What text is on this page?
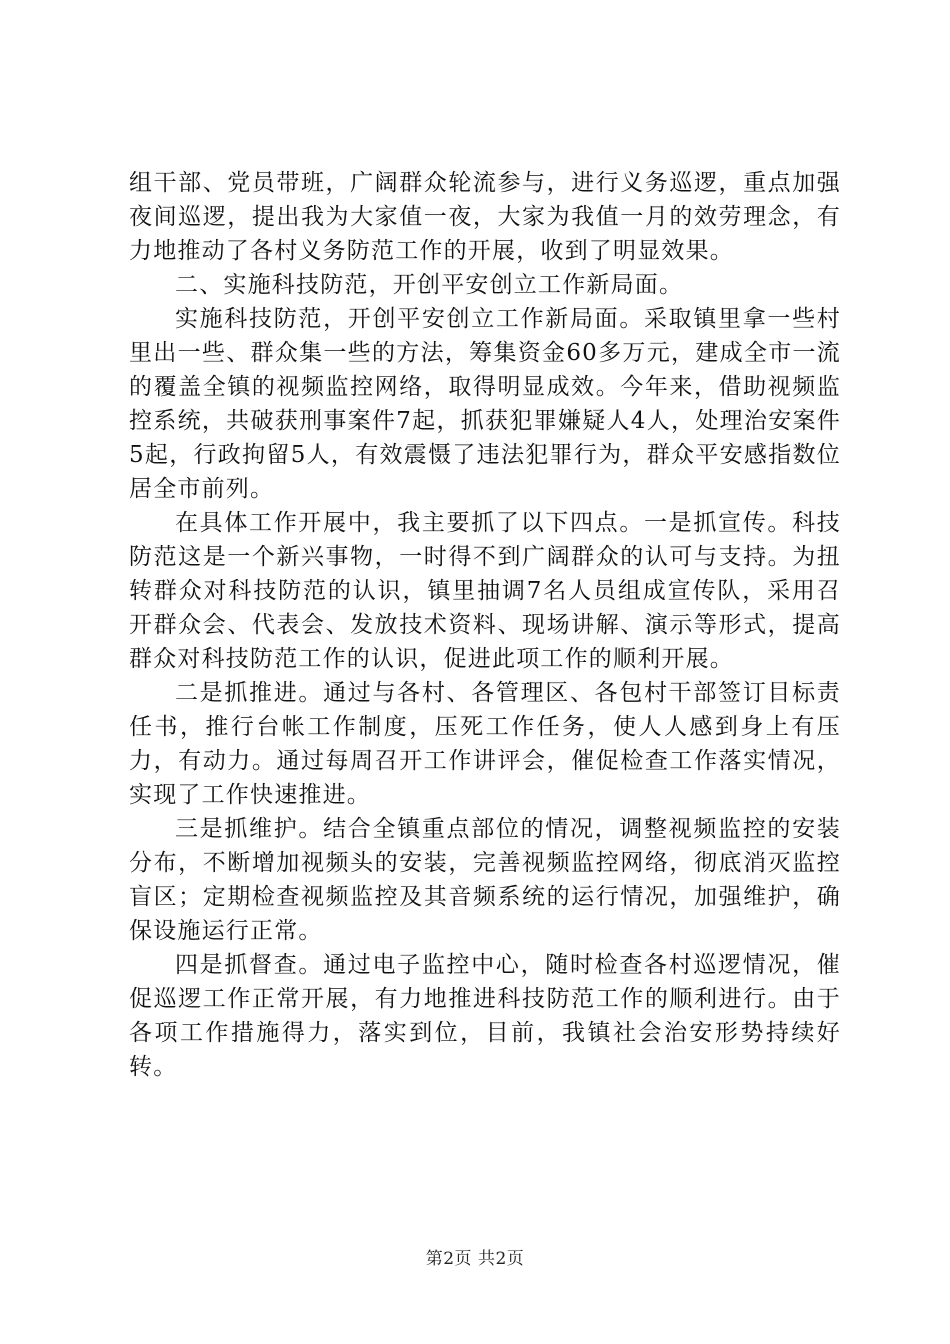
组干部、党员带班，广阔群众轮流参与，进行义务巡逻，重点加强夜间巡逻，提出我为大家值一夜，大家为我值一月的效劳理念，有力地推动了各村义务防范工作的开展，收到了明显效果。

二、实施科技防范，开创平安创立工作新局面。

实施科技防范，开创平安创立工作新局面。采取镇里拿一些村里出一些、群众集一些的方法，筹集资金60多万元，建成全市一流的覆盖全镇的视频监控网络，取得明显成效。今年来，借助视频监控系统，共破获刑事案件7起，抓获犯罪嫌疑人4人，处理治安案件5起，行政拘留5人，有效震慑了违法犯罪行为，群众平安感指数位居全市前列。

在具体工作开展中，我主要抓了以下四点。一是抓宣传。科技防范这是一个新兴事物，一时得不到广阔群众的认可与支持。为扭转群众对科技防范的认识，镇里抽调7名人员组成宣传队，采用召开群众会、代表会、发放技术资料、现场讲解、演示等形式，提高群众对科技防范工作的认识，促进此项工作的顺利开展。

二是抓推进。通过与各村、各管理区、各包村干部签订目标责任书，推行台帐工作制度，压死工作任务，使人人感到身上有压力，有动力。通过每周召开工作讲评会，催促检查工作落实情况，实现了工作快速推进。

三是抓维护。结合全镇重点部位的情况，调整视频监控的安装分布，不断增加视频头的安装，完善视频监控网络，彻底消灭监控盲区；定期检查视频监控及其音频系统的运行情况，加强维护，确保设施运行正常。

四是抓督查。通过电子监控中心，随时检查各村巡逻情况，催促巡逻工作正常开展，有力地推进科技防范工作的顺利进行。由于各项工作措施得力，落实到位，目前，我镇社会治安形势持续好转。

第2页 共2页
